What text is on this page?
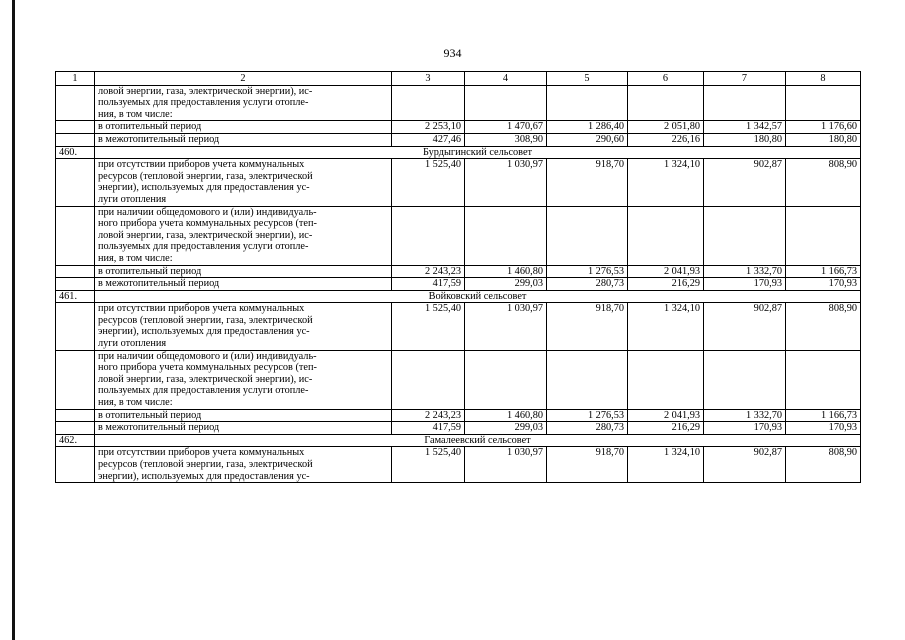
934
1	2	3	4	5	6	7	8

	ловой энергии, газа, электрической энергии), ис-
пользуемых для предоставления услуги отопле-
ния, в том числе:						

	в отопительный период	2 253,10	1 470,67	1 286,40	2 051,80	1 342,57	1 176,60

	в межотопительный период	427,46	308,90	290,60	226,16	180,80	180,80
460.	Бурдыгинский сельсовет						

	при отсутствии приборов учета коммунальных
ресурсов (тепловой энергии, газа, электрической
энергии), используемых для предоставления ус-
луги отопления	1 525,40	1 030,97	918,70	1 324,10	902,87	808,90

	при наличии общедомового и (или) индивидуаль-
ного прибора учета коммунальных ресурсов (теп-
ловой энергии, газа, электрической энергии), ис-
пользуемых для предоставления услуги отопле-
ния, в том числе:						

	в отопительный период	2 243,23	1 460,80	1 276,53	2 041,93	1 332,70	1 166,73

	в межотопительный период	417,59	299,03	280,73	216,29	170,93	170,93
461.	Войковский сельсовет						

	при отсутствии приборов учета коммунальных
ресурсов (тепловой энергии, газа, электрической
энергии), используемых для предоставления ус-
луги отопления	1 525,40	1 030,97	918,70	1 324,10	902,87	808,90

	при наличии общедомового и (или) индивидуаль-
ного прибора учета коммунальных ресурсов (теп-
ловой энергии, газа, электрической энергии), ис-
пользуемых для предоставления услуги отопле-
ния, в том числе:						

	в отопительный период	2 243,23	1 460,80	1 276,53	2 041,93	1 332,70	1 166,73

	в межотопительный период	417,59	299,03	280,73	216,29	170,93	170,93
462.	Гамалеевский сельсовет						

	при отсутствии приборов учета коммунальных
ресурсов (тепловой энергии, газа, электрической
энергии), используемых для предоставления ус-	1 525,40	1 030,97	918,70	1 324,10	902,87	808,90
